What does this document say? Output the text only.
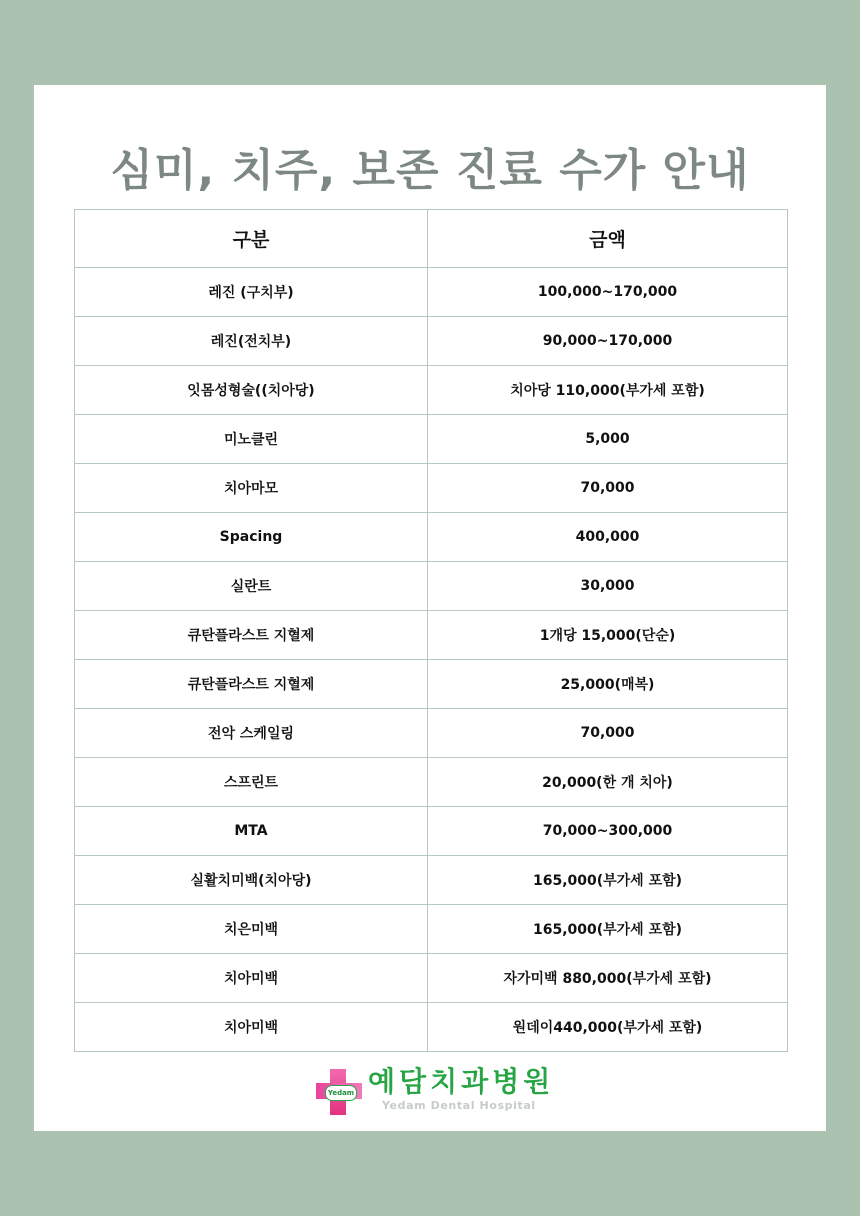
심미, 치주, 보존 진료 수가 안내
구분	금액
레진 (구치부)	100,000~170,000
레진(전치부)	90,000~170,000
잇몸성형술((치아당)	치아당 110,000(부가세 포함)
미노클린	5,000
치아마모	70,000
Spacing	400,000
실란트	30,000
큐탄플라스트 지혈제	1개당 15,000(단순)
큐탄플라스트 지혈제	25,000(매복)
전악 스케일링	70,000
스프린트	20,000(한 개 치아)
MTA	70,000~300,000
실활치미백(치아당)	165,000(부가세 포함)
치은미백	165,000(부가세 포함)
치아미백	자가미백 880,000(부가세 포함)
치아미백	원데이440,000(부가세 포함)
Yedam 예담치과병원
Yedam Dental Hospital
